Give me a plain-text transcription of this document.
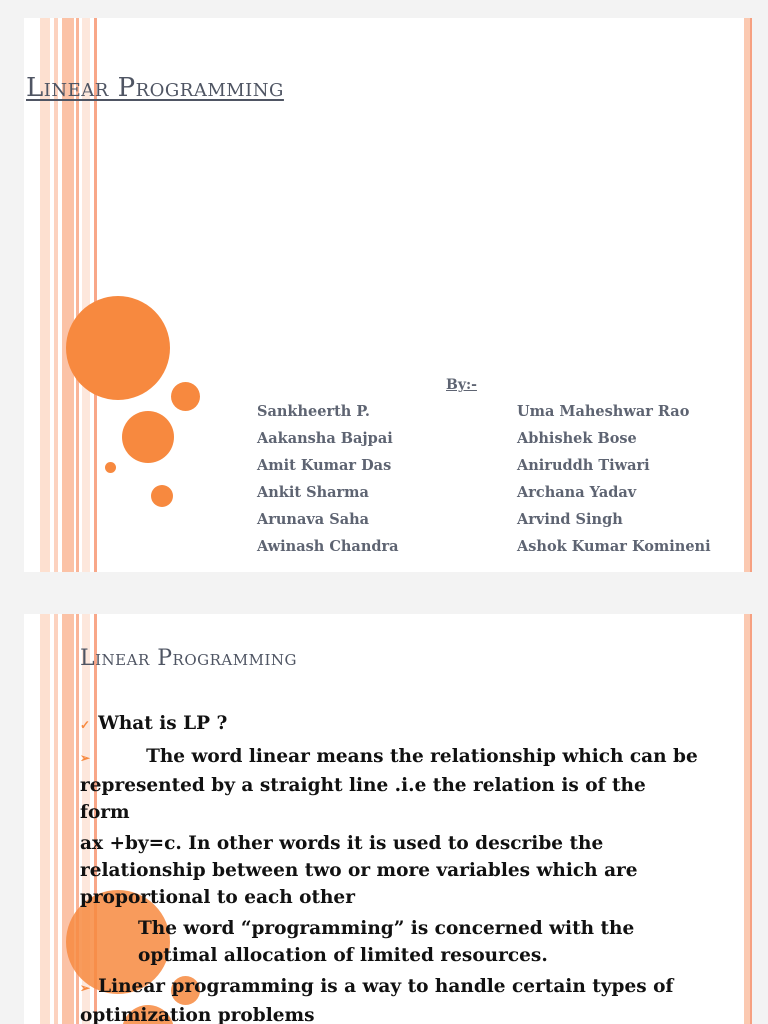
Linear Programming
By:-
Sankheerth P.
Aakansha Bajpai
Amit Kumar Das
Ankit Sharma
Arunava Saha
Awinash Chandra
Uma Maheshwar Rao
Abhishek Bose
Aniruddh Tiwari
Archana Yadav
Arvind Singh
Ashok Kumar Komineni
Linear Programming

✓ What is LP ?

➢	The word linear means the relationship which can be represented by a straight line .i.e the relation is of the form

ax +by=c. In other words it is used to describe the relationship between two or more variables which are proportional to each other

The word “programming” is concerned with the optimal allocation of limited resources.

➢ Linear programming is a way to handle certain types of optimization problems
